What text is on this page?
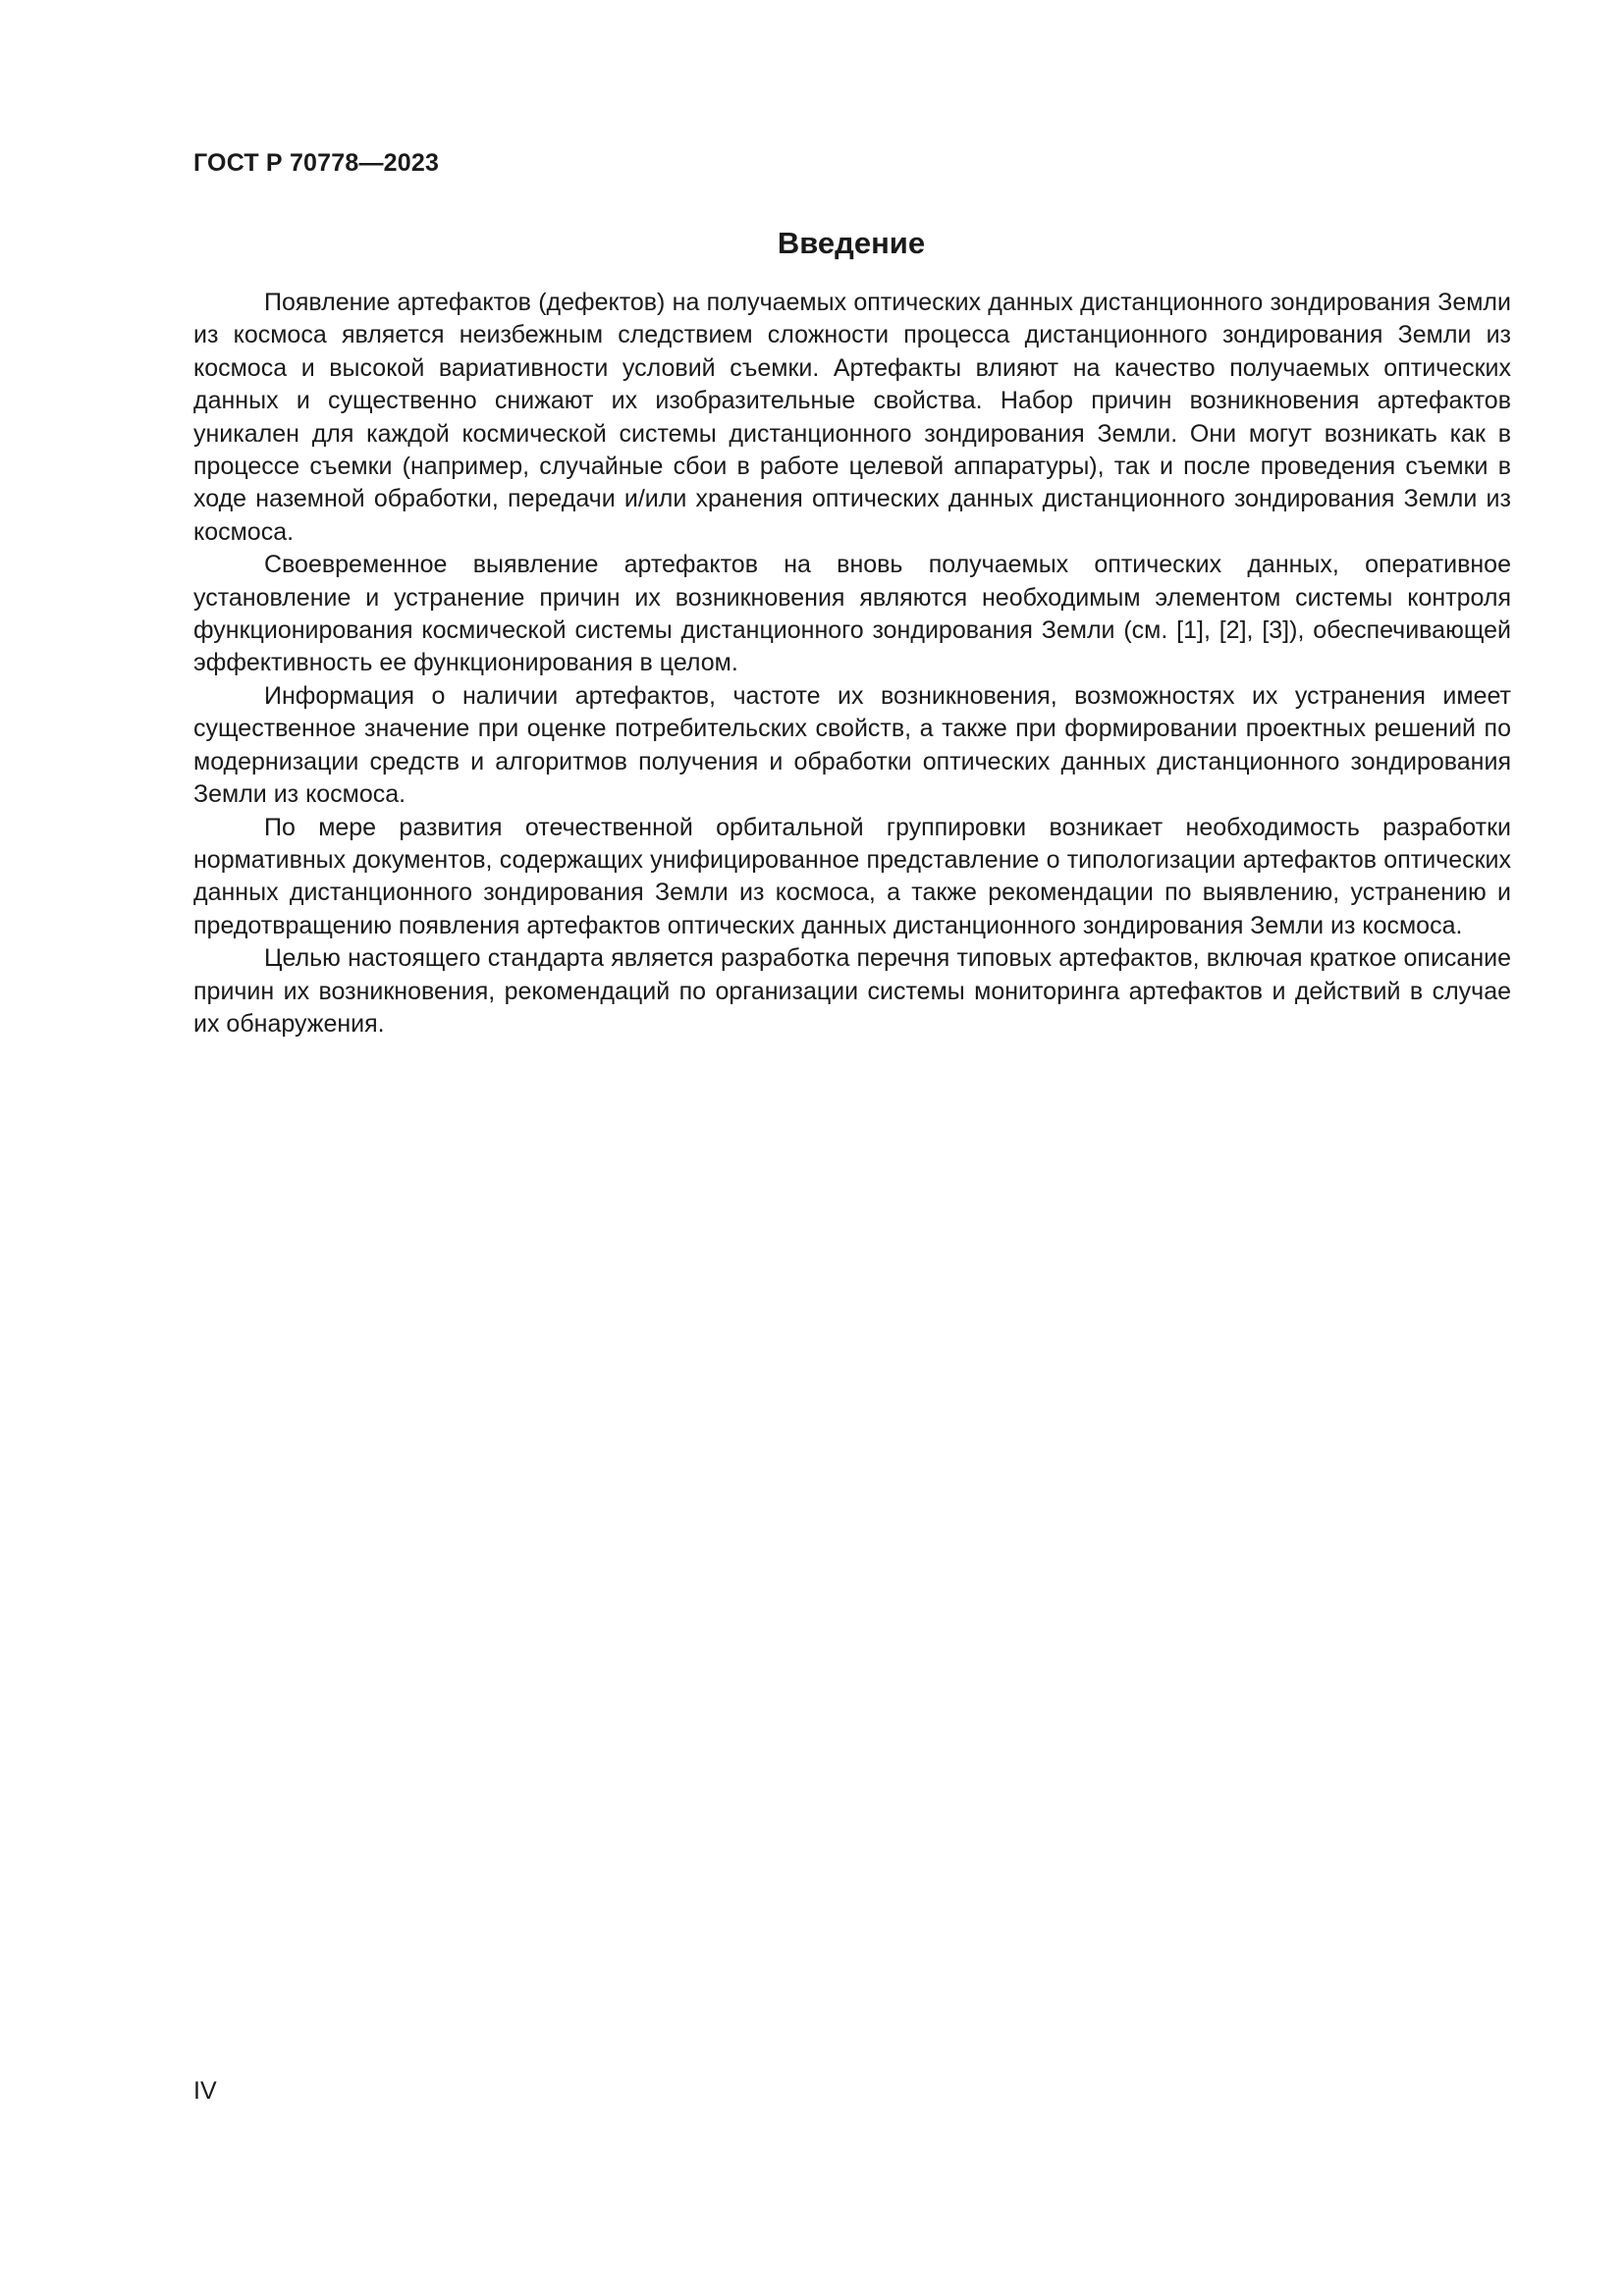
ГОСТ Р 70778—2023

Введение

Появление артефактов (дефектов) на получаемых оптических данных дистанционного зондирования Земли из космоса является неизбежным следствием сложности процесса дистанционного зондирования Земли из космоса и высокой вариативности условий съемки. Артефакты влияют на качество получаемых оптических данных и существенно снижают их изобразительные свойства. Набор причин возникновения артефактов уникален для каждой космической системы дистанционного зондирования Земли. Они могут возникать как в процессе съемки (например, случайные сбои в работе целевой аппаратуры), так и после проведения съемки в ходе наземной обработки, передачи и/или хранения оптических данных дистанционного зондирования Земли из космоса.

Своевременное выявление артефактов на вновь получаемых оптических данных, оперативное установление и устранение причин их возникновения являются необходимым элементом системы контроля функционирования космической системы дистанционного зондирования Земли (см. [1], [2], [3]), обеспечивающей эффективность ее функционирования в целом.

Информация о наличии артефактов, частоте их возникновения, возможностях их устранения имеет существенное значение при оценке потребительских свойств, а также при формировании проектных решений по модернизации средств и алгоритмов получения и обработки оптических данных дистанционного зондирования Земли из космоса.

По мере развития отечественной орбитальной группировки возникает необходимость разработки нормативных документов, содержащих унифицированное представление о типологизации артефактов оптических данных дистанционного зондирования Земли из космоса, а также рекомендации по выявлению, устранению и предотвращению появления артефактов оптических данных дистанционного зондирования Земли из космоса.

Целью настоящего стандарта является разработка перечня типовых артефактов, включая краткое описание причин их возникновения, рекомендаций по организации системы мониторинга артефактов и действий в случае их обнаружения.

IV
